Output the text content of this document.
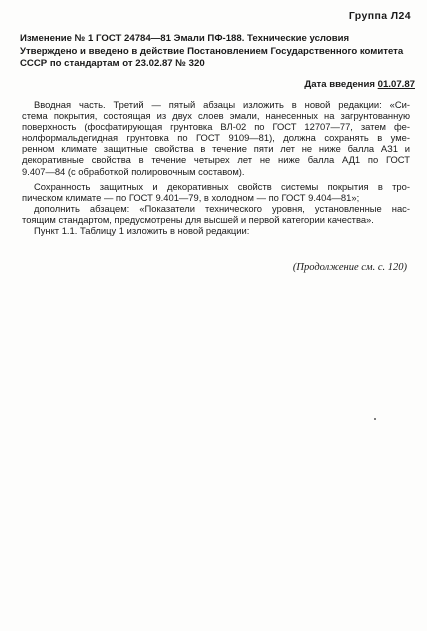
Группа Л24
Изменение № 1 ГОСТ 24784—81 Эмали ПФ-188. Технические условия
Утверждено и введено в действие Постановлением Государственного комитета
СССР по стандартам от 23.02.87 № 320
Дата введения 01.07.87
Вводная часть. Третий — пятый абзацы изложить в новой редакции: «Си-
стема покрытия, состоящая из двух слоев эмали, нанесенных на загрунтованную
поверхность (фосфатирующая грунтовка ВЛ-02 по ГОСТ 12707—77, затем фе-
нолформальдегидная грунтовка по ГОСТ 9109—81), должна сохранять в уме-
ренном климате защитные свойства в течение пяти лет не ниже балла АЗ1 и
декоративные свойства в течение четырех лет не ниже балла АД1 по ГОСТ
9.407—84 (с обработкой полировочным составом).
Сохранность защитных и декоративных свойств системы покрытия в тро-
пическом климате — по ГОСТ 9.401—79, в холодном — по ГОСТ 9.404—81»;
дополнить абзацем: «Показатели технического уровня, установленные нас-
тоящим стандартом, предусмотрены для высшей и первой категории качества».
Пункт 1.1. Таблицу 1 изложить в новой редакции:
(Продолжение см. с. 120)
